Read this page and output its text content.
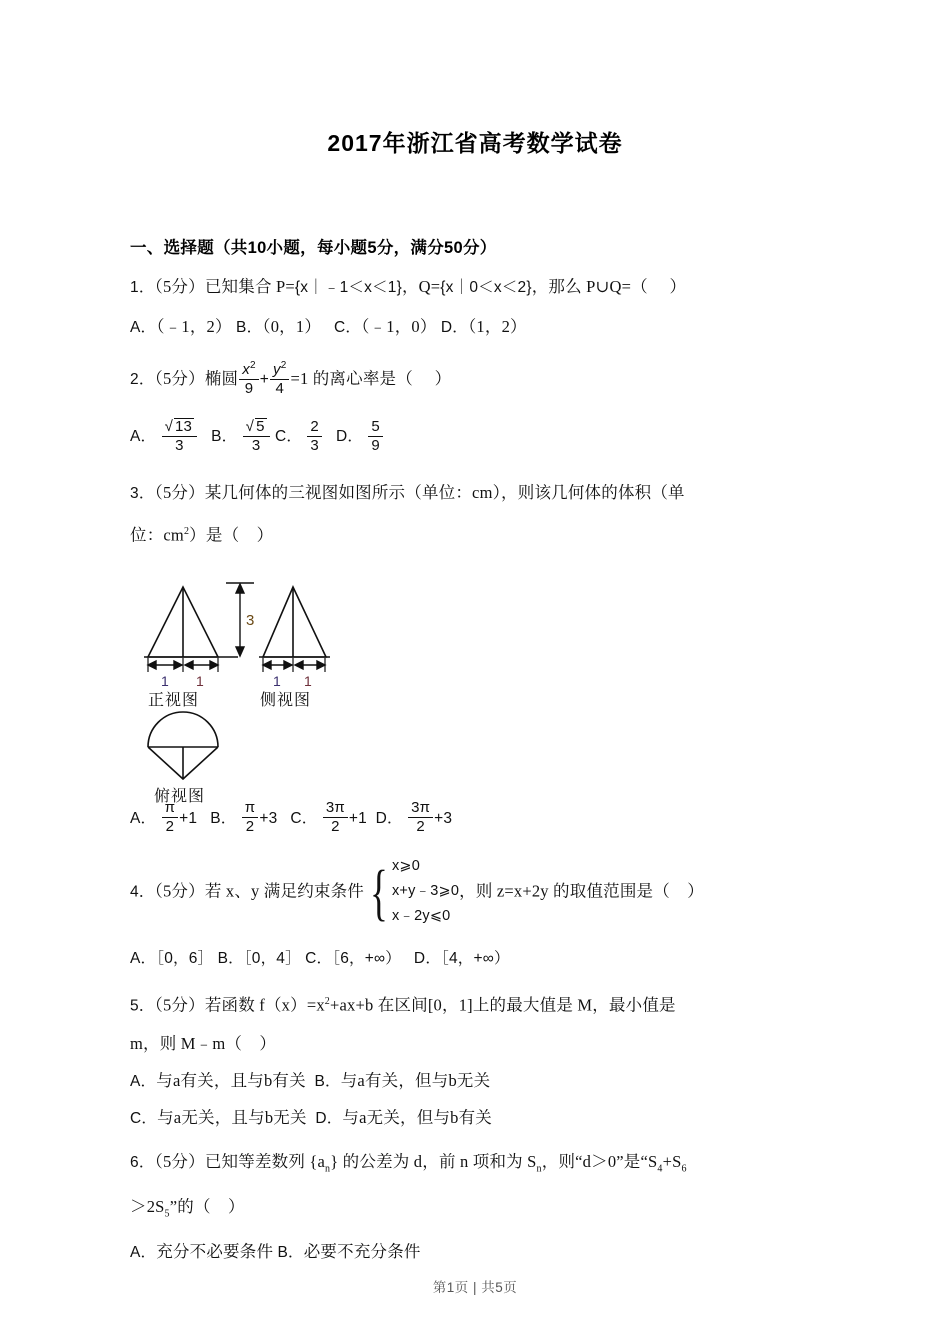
2017年浙江省高考数学试卷
一、选择题（共10小题，每小题5分，满分50分）
1．（5分）已知集合 P={x｜﹣1＜x＜1}，Q={x｜0＜x＜2}，那么 P∪Q=（ ）
A．（﹣1，2） B．（0，1） C．（﹣1，0） D．（1，2）
2．（5分）椭圆 $\frac{x^2}{9} + \frac{y^2}{4} =1$ 的离心率是（ ）
A． $\frac{√ 13}{3}$ B． $\frac{√ 5}{3}$ C． $\frac{2}{3}$ D． $\frac{5}{9}$
3．（5分）某几何体的三视图如图所示（单位：cm），则该几何体的体积（单
位：$cm^2$）是（ ）
1 1
3
正视图
1 1
侧视图
俯视图
A． $\frac{\pi}{2} +1$ B． $\frac{\pi}{2} +3$ C． $\frac{3\pi}{2} +1$ D． $\frac{3\pi}{2} +3$
4．（5分）若 x、y 满足约束条件 { x⩾0
x+y﹣3⩾0
x﹣2y⩽0
，则 z=x+2y 的取值范围是（ ）
A．［0，6］ B．［0，4］ C．［6，+∞） D．［4，+∞）
5．（5分）若函数 $f(x)=x^2+ax+b$ 在区间[0，1]上的最大值是 M，最小值是
m，则 M﹣m（ ）
A．与a有关，且与b有关 B．与a有关，但与b无关
C．与a无关，且与b无关 D．与a无关，但与b有关
6．（5分）已知等差数列 $\{a_n\}$ 的公差为 d，前 n 项和为 $S_n$，则“d＞0”是“$S_4+S_6$
$>2S_5$”的（ ）
A．充分不必要条件 B．必要不充分条件
第1页 | 共5页
